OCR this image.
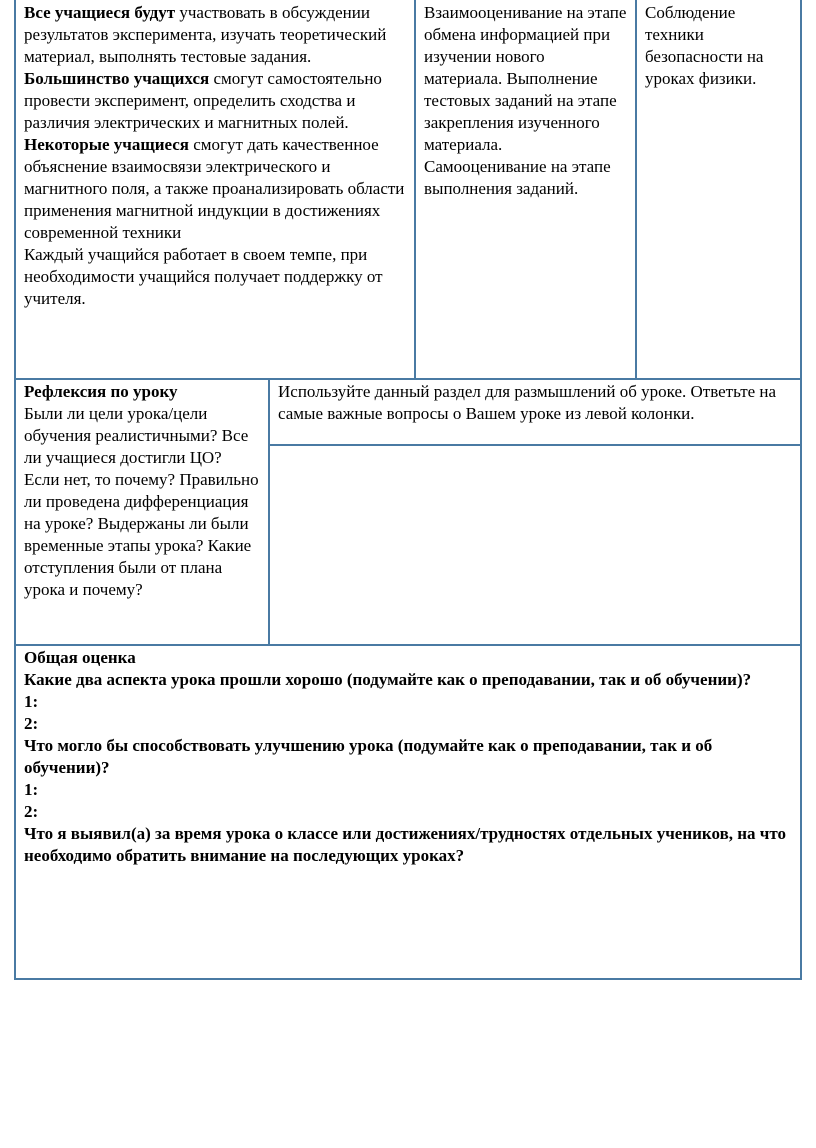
Все учащиеся будут участвовать в обсуждении результатов эксперимента, изучать теоретический материал, выполнять тестовые задания.
Большинство учащихся смогут самостоятельно провести эксперимент, определить сходства и различия электрических и магнитных полей.
Некоторые учащиеся смогут дать качественное объяснение взаимосвязи электрического и магнитного поля, а также проанализировать области применения магнитной индукции в достижениях современной техники
Каждый учащийся работает в своем темпе, при необходимости учащийся получает поддержку от учителя.
Взаимооценивание на этапе обмена информацией при изучении нового материала. Выполнение тестовых заданий на этапе закрепления изученного материала. Самооценивание на этапе выполнения заданий.
Соблюдение техники безопасности на уроках физики.
Рефлексия по уроку
Были ли цели урока/цели обучения реалистичными? Все ли учащиеся достигли ЦО? Если нет, то почему? Правильно ли проведена дифференциация на уроке? Выдержаны ли были временные этапы урока? Какие отступления были от плана урока и почему?
Используйте данный раздел для размышлений об уроке. Ответьте на самые важные вопросы о Вашем уроке из левой колонки.
Общая оценка
Какие два аспекта урока прошли хорошо (подумайте как о преподавании, так и об обучении)?
1:
2:
Что могло бы способствовать улучшению урока (подумайте как о преподавании, так и об обучении)?
1:
2:
Что я выявил(а) за время урока о классе или достижениях/трудностях отдельных учеников, на что необходимо обратить внимание на последующих уроках?
